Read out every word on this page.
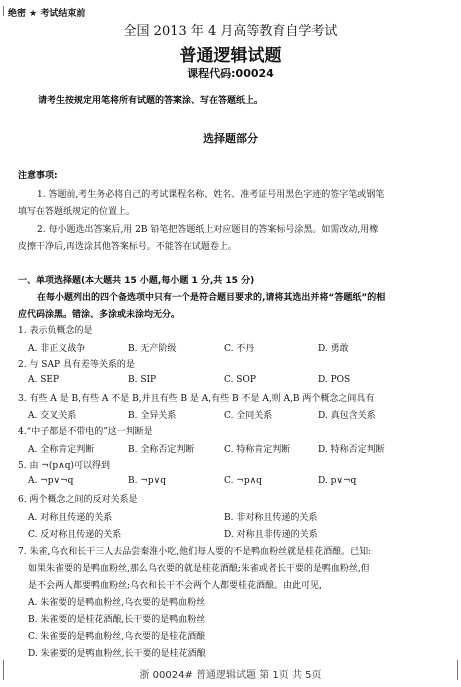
绝密 ★ 考试结束前
全国 2013 年 4 月高等教育自学考试
普通逻辑试题
课程代码:00024
请考生按规定用笔将所有试题的答案涂、写在答题纸上。
选择题部分
注意事项:
1. 答题前,考生务必将自己的考试课程名称、姓名、准考证号用黑色字迹的签字笔或钢笔
填写在答题纸规定的位置上。
2. 每小题选出答案后,用 2B 铅笔把答题纸上对应题目的答案标号涂黑。如需改动,用橡
皮擦干净后,再选涂其他答案标号。不能答在试题卷上。
一、单项选择题(本大题共 15 小题,每小题 1 分,共 15 分)
在每小题列出的四个备选项中只有一个是符合题目要求的,请将其选出并将“答题纸”的相
应代码涂黑。错涂、多涂或未涂均无分。
1. 表示负概念的是
A. 非正义战争	B. 无产阶级	C. 不丹	D. 勇敢
2. 与 SAP 具有差等关系的是
A. SEP	B. SIP	C. SOP	D. POS
3. 有些 A 是 B,有些 A 不是 B,并且有些 B 是 A,有些 B 不是 A,则 A,B 两个概念之间具有
A. 交叉关系	B. 全异关系	C. 全同关系	D. 真包含关系
4.“中子都是不带电的”这一判断是
A. 全称肯定判断	B. 全称否定判断	C. 特称肯定判断	D. 特称否定判断
5. 由 ¬(p∧q)可以得到
A. ¬p∨¬q	B. ¬p∨q	C. ¬p∧q	D. p∨¬q
6. 两个概念之间的反对关系是
A. 对称且传递的关系	B. 非对称且传递的关系
C. 反对称且传递的关系	D. 对称且非传递的关系
7. 朱雀,乌衣和长干三人去品尝秦淮小吃,他们每人要的不是鸭血粉丝就是桂花酒酿。已知:
如果朱雀要的是鸭血粉丝,那么乌衣要的就是桂花酒酿;朱雀或者长干要的是鸭血粉丝,但
是不会两人都要鸭血粉丝;乌衣和长干不会两个人都要桂花酒酿。由此可见,
A. 朱雀要的是鸭血粉丝,乌衣要的是鸭血粉丝
B. 朱雀要的是桂花酒酿,长干要的是鸭血粉丝
C. 朱雀要的是鸭血粉丝,乌衣要的是桂花酒酿
D. 朱雀要的是鸭血粉丝,长干要的是桂花酒酿
浙 00024# 普通逻辑试题 第 1页 共 5页
